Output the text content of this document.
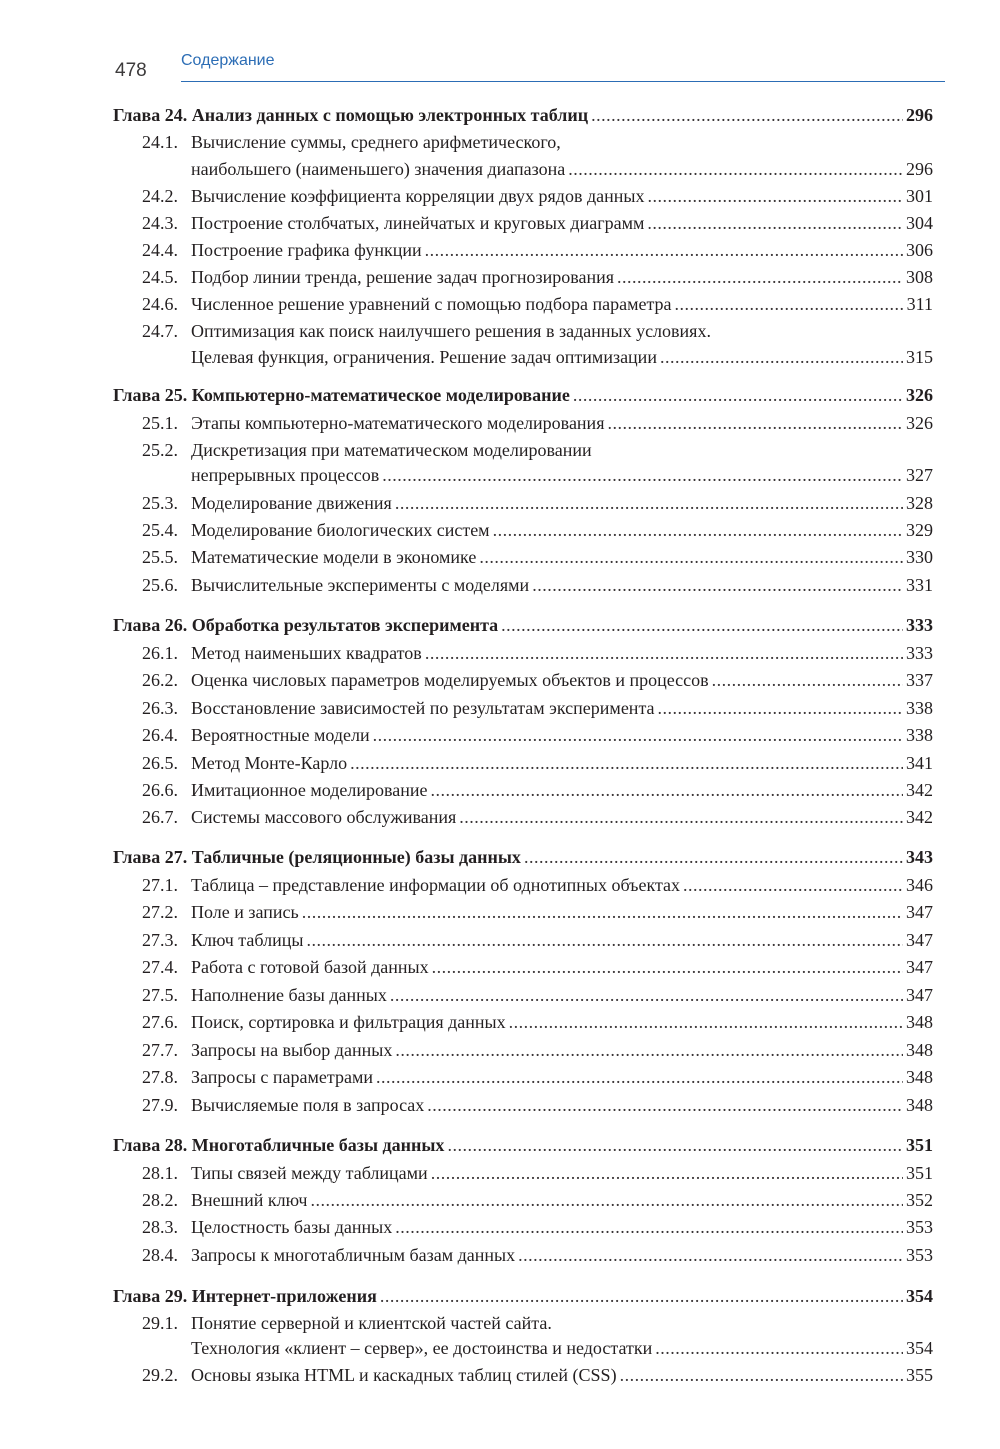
478 Содержание
Глава 24. Анализ данных с помощью электронных таблиц .....	296
24.1. Вычисление суммы, среднего арифметического,
наибольшего (наименьшего) значения диапазона .....	296
24.2. Вычисление коэффициента корреляции двух рядов данных .....	301
24.3. Построение столбчатых, линейчатых и круговых диаграмм .....	304
24.4. Построение графика функции .....	306
24.5. Подбор линии тренда, решение задач прогнозирования .....	308
24.6. Численное решение уравнений с помощью подбора параметра .....	311
24.7. Оптимизация как поиск наилучшего решения в заданных условиях.
Целевая функция, ограничения. Решение задач оптимизации .....	315
Глава 25. Компьютерно-математическое моделирование .....	326
25.1. Этапы компьютерно-математического моделирования .....	326
25.2. Дискретизация при математическом моделировании
непрерывных процессов .....	327
25.3. Моделирование движения .....	328
25.4. Моделирование биологических систем .....	329
25.5. Математические модели в экономике .....	330
25.6. Вычислительные эксперименты с моделями .....	331
Глава 26. Обработка результатов эксперимента .....	333
26.1. Метод наименьших квадратов .....	333
26.2. Оценка числовых параметров моделируемых объектов и процессов .....	337
26.3. Восстановление зависимостей по результатам эксперимента .....	338
26.4. Вероятностные модели .....	338
26.5. Метод Монте-Карло .....	341
26.6. Имитационное моделирование .....	342
26.7. Системы массового обслуживания .....	342
Глава 27. Табличные (реляционные) базы данных .....	343
27.1. Таблица – представление информации об однотипных объектах .....	346
27.2. Поле и запись .....	347
27.3. Ключ таблицы .....	347
27.4. Работа с готовой базой данных .....	347
27.5. Наполнение базы данных .....	347
27.6. Поиск, сортировка и фильтрация данных .....	348
27.7. Запросы на выбор данных .....	348
27.8. Запросы с параметрами .....	348
27.9. Вычисляемые поля в запросах .....	348
Глава 28. Многотабличные базы данных .....	351
28.1. Типы связей между таблицами .....	351
28.2. Внешний ключ .....	352
28.3. Целостность базы данных .....	353
28.4. Запросы к многотабличным базам данных .....	353
Глава 29. Интернет-приложения .....	354
29.1. Понятие серверной и клиентской частей сайта.
Технология «клиент – сервер», ее достоинства и недостатки .....	354
29.2. Основы языка HTML и каскадных таблиц стилей (CSS) .....	355
